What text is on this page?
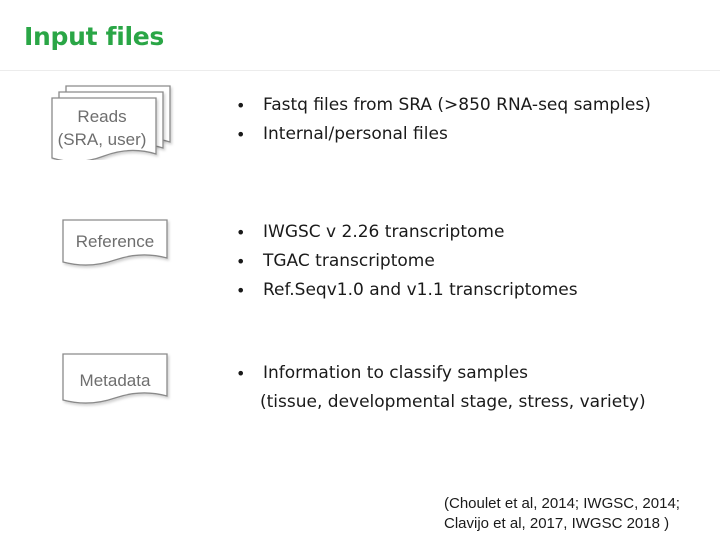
Input files
Reads
(SRA, user)
Reference
Metadata
• Fastq files from SRA (>850 RNA-seq samples)
• Internal/personal files
• IWGSC v 2.26 transcriptome
• TGAC transcriptome
• Ref.Seqv1.0 and v1.1 transcriptomes
• Information to classify samples
(tissue, developmental stage, stress, variety)
(Choulet et al, 2014; IWGSC, 2014;
Clavijo et al, 2017, IWGSC 2018 )
